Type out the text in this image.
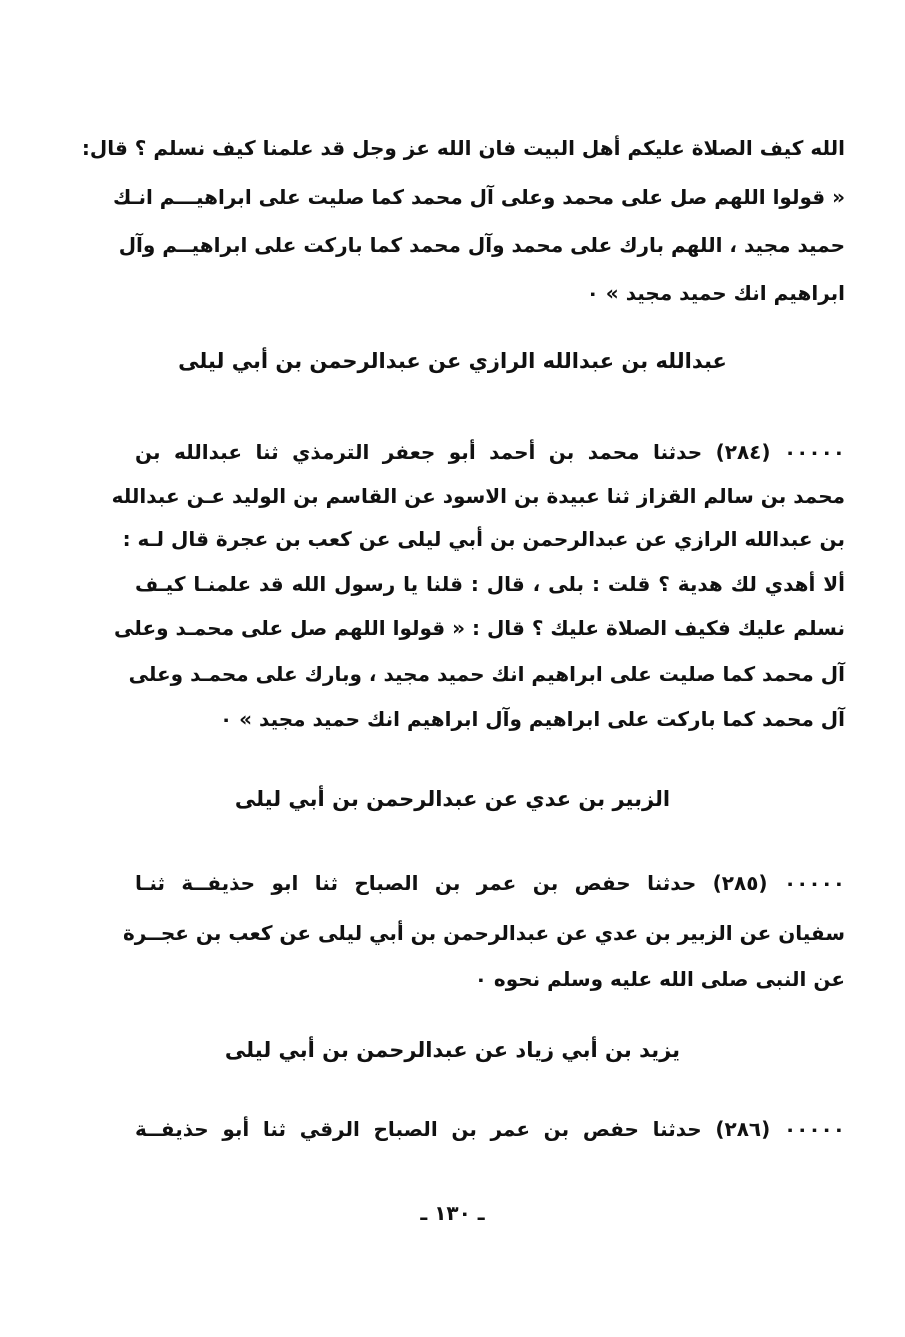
الله كيف الصلاة عليكم أهل البيت فان الله عز وجل قد علمنا كيف نسلم ؟ قال:
« قولوا اللهم صل على محمد وعلى آل محمد كما صليت على ابراهيـــم انـك
حميد مجيد ، اللهم بارك على محمد وآل محمد كما باركت على ابراهيــم وآل
ابراهيم انك حميد مجيد » ٠
عبدالله بن عبدالله الرازي عن عبدالرحمن بن أبي ليلى
٠٠٠٠٠ (٢٨٤) حدثنا محمد بن أحمد أبو جعفر الترمذي ثنا عبدالله بن
محمد بن سالم القزاز ثنا عبيدة بن الاسود عن القاسم بن الوليد عـن عبدالله
بن عبدالله الرازي عن عبدالرحمن بن أبي ليلى عن كعب بن عجرة قال لـه :
ألا أهدي لك هدية ؟ قلت : بلى ، قال : قلنا يا رسول الله قد علمنـا كيـف
نسلم عليك فكيف الصلاة عليك ؟ قال : « قولوا اللهم صل على محمـد وعلى
آل محمد كما صليت على ابراهيم انك حميد مجيد ، وبارك على محمـد وعلى
آل محمد كما باركت على ابراهيم وآل ابراهيم انك حميد مجيد » ٠
الزبير بن عدي عن عبدالرحمن بن أبي ليلى
٠٠٠٠٠ (٢٨٥) حدثنا حفص بن عمر بن الصباح ثنا ابو حذيفــة ثنـا
سفيان عن الزبير بن عدي عن عبدالرحمن بن أبي ليلى عن كعب بن عجــرة
عن النبى صلى الله عليه وسلم نحوه ٠
يزيد بن أبي زياد عن عبدالرحمن بن أبي ليلى
٠٠٠٠٠ (٢٨٦) حدثنا حفص بن عمر بن الصباح الرقي ثنا أبو حذيفــة
ـ ١٣٠ ـ
